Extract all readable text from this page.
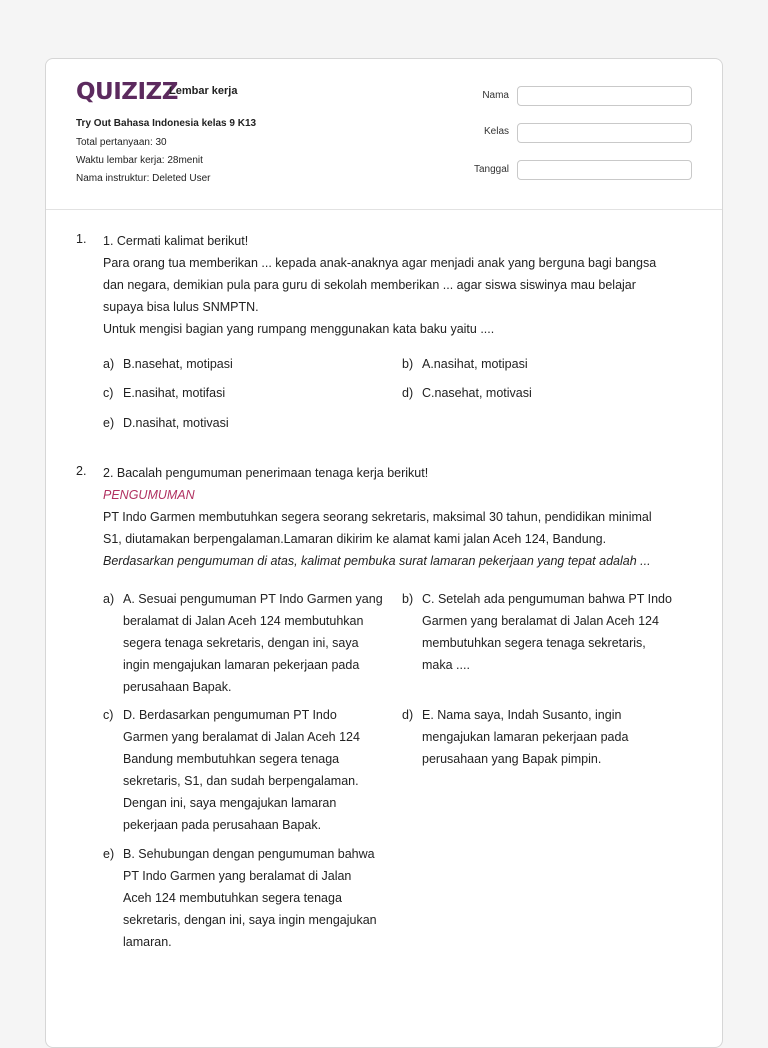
QUIZIZZ
Lembar kerja
Try Out Bahasa Indonesia kelas 9 K13
Total pertanyaan: 30
Waktu lembar kerja: 28menit
Nama instruktur: Deleted User
Nama
Kelas
Tanggal
1. 1. Cermati kalimat berikut!

Para orang tua memberikan ... kepada anak-anaknya agar menjadi anak yang berguna bagi bangsa

dan negara, demikian pula para guru di sekolah memberikan ... agar siswa siswinya mau belajar

supaya bisa lulus SNMPTN.

Untuk mengisi bagian yang rumpang menggunakan kata baku yaitu ....

a) B.nasehat, motipasi	b) A.nasihat, motipasi
c) E.nasihat, motifasi	d) C.nasehat, motivasi
e) D.nasihat, motivasi
2. 2. Bacalah pengumuman penerimaan tenaga kerja berikut!

PENGUMUMAN

PT Indo Garmen membutuhkan segera seorang sekretaris, maksimal 30 tahun, pendidikan minimal

S1, diutamakan berpengalaman.Lamaran dikirim ke alamat kami jalan Aceh 124, Bandung.

Berdasarkan pengumuman di atas, kalimat pembuka surat lamaran pekerjaan yang tepat adalah ...

a) A. Sesuai pengumuman PT Indo Garmen yang
beralamat di Jalan Aceh 124 membutuhkan
segera tenaga sekretaris, dengan ini, saya
ingin mengajukan lamaran pekerjaan pada
perusahaan Bapak.
b) C. Setelah ada pengumuman bahwa PT Indo
Garmen yang beralamat di Jalan Aceh 124
membutuhkan segera tenaga sekretaris,
maka ....
c) D. Berdasarkan pengumuman PT Indo
Garmen yang beralamat di Jalan Aceh 124
Bandung membutuhkan segera tenaga
sekretaris, S1, dan sudah berpengalaman.
Dengan ini, saya mengajukan lamaran
pekerjaan pada perusahaan Bapak.
d) E. Nama saya, Indah Susanto, ingin
mengajukan lamaran pekerjaan pada
perusahaan yang Bapak pimpin.
e) B. Sehubungan dengan pengumuman bahwa
PT Indo Garmen yang beralamat di Jalan
Aceh 124 membutuhkan segera tenaga
sekretaris, dengan ini, saya ingin mengajukan
lamaran.
